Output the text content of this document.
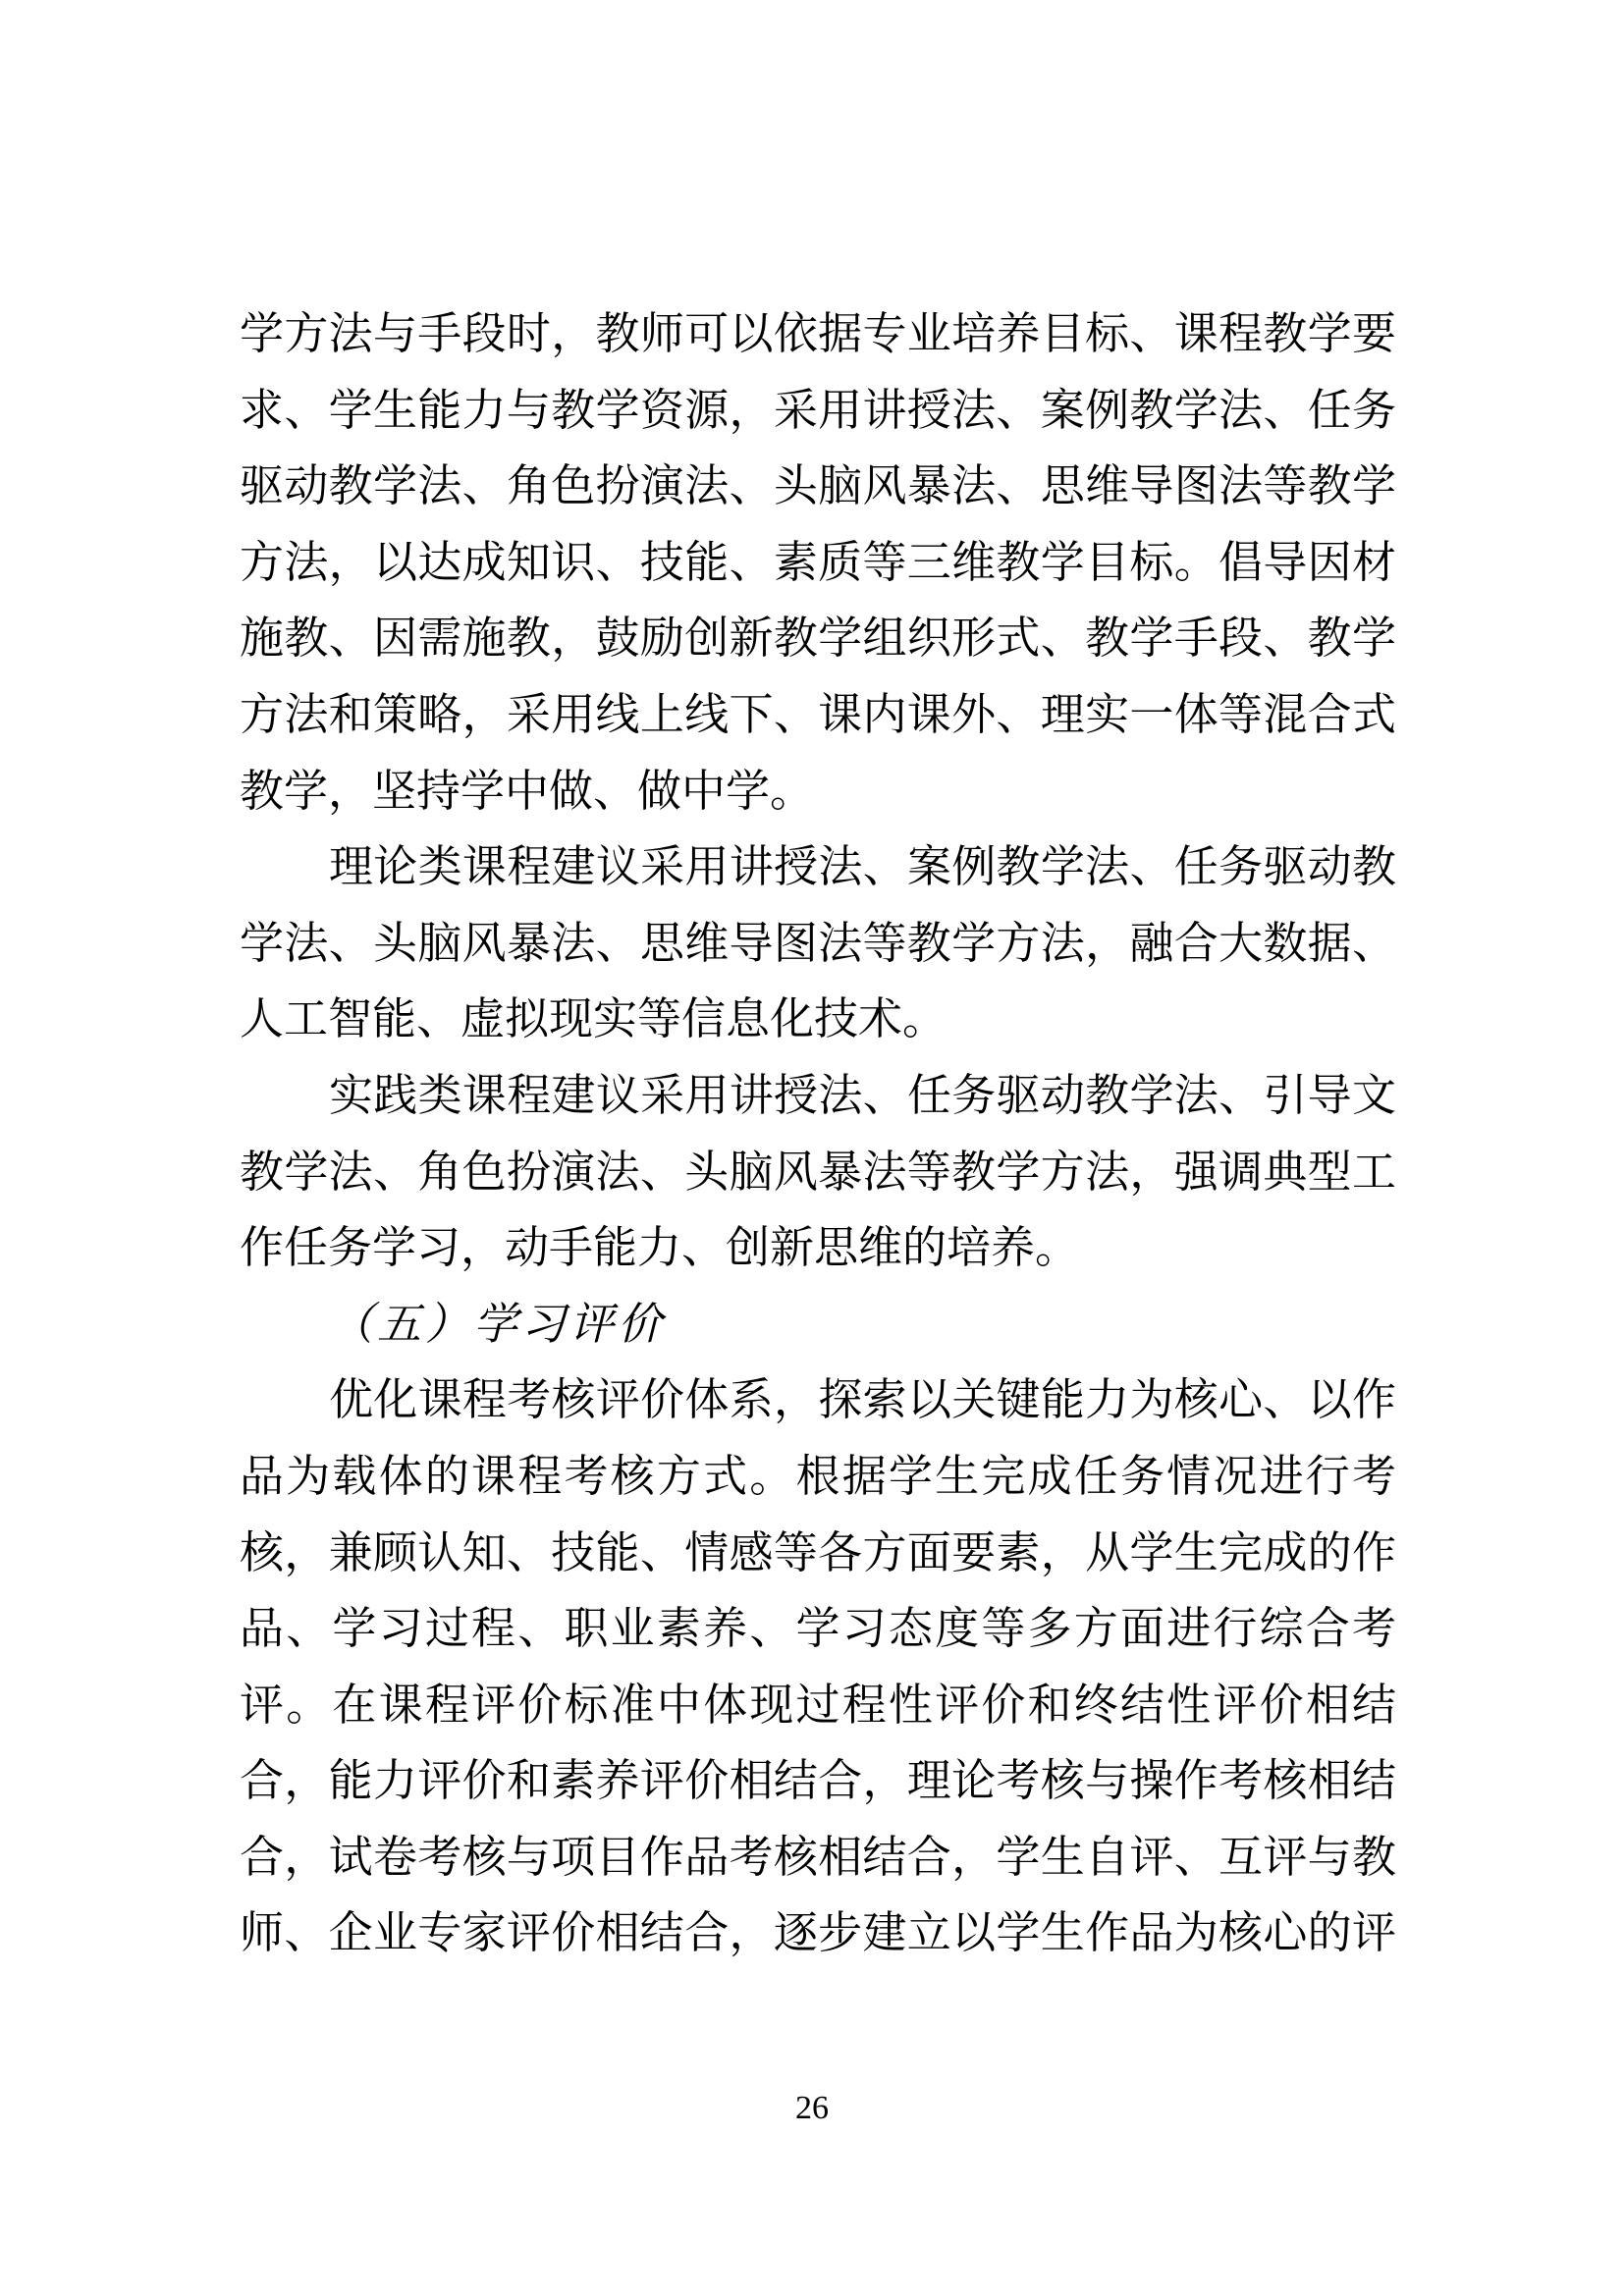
学方法与手段时，教师可以依据专业培养目标、课程教学要
求、学生能力与教学资源，采用讲授法、案例教学法、任务
驱动教学法、角色扮演法、头脑风暴法、思维导图法等教学
方法，以达成知识、技能、素质等三维教学目标。倡导因材
施教、因需施教，鼓励创新教学组织形式、教学手段、教学
方法和策略，采用线上线下、课内课外、理实一体等混合式
教学，坚持学中做、做中学。
理论类课程建议采用讲授法、案例教学法、任务驱动教
学法、头脑风暴法、思维导图法等教学方法，融合大数据、
人工智能、虚拟现实等信息化技术。
实践类课程建议采用讲授法、任务驱动教学法、引导文
教学法、角色扮演法、头脑风暴法等教学方法，强调典型工
作任务学习，动手能力、创新思维的培养。
（五）学习评价
优化课程考核评价体系，探索以关键能力为核心、以作
品为载体的课程考核方式。根据学生完成任务情况进行考
核，兼顾认知、技能、情感等各方面要素，从学生完成的作
品、学习过程、职业素养、学习态度等多方面进行综合考
评。在课程评价标准中体现过程性评价和终结性评价相结
合，能力评价和素养评价相结合，理论考核与操作考核相结
合，试卷考核与项目作品考核相结合，学生自评、互评与教
师、企业专家评价相结合，逐步建立以学生作品为核心的评
26
